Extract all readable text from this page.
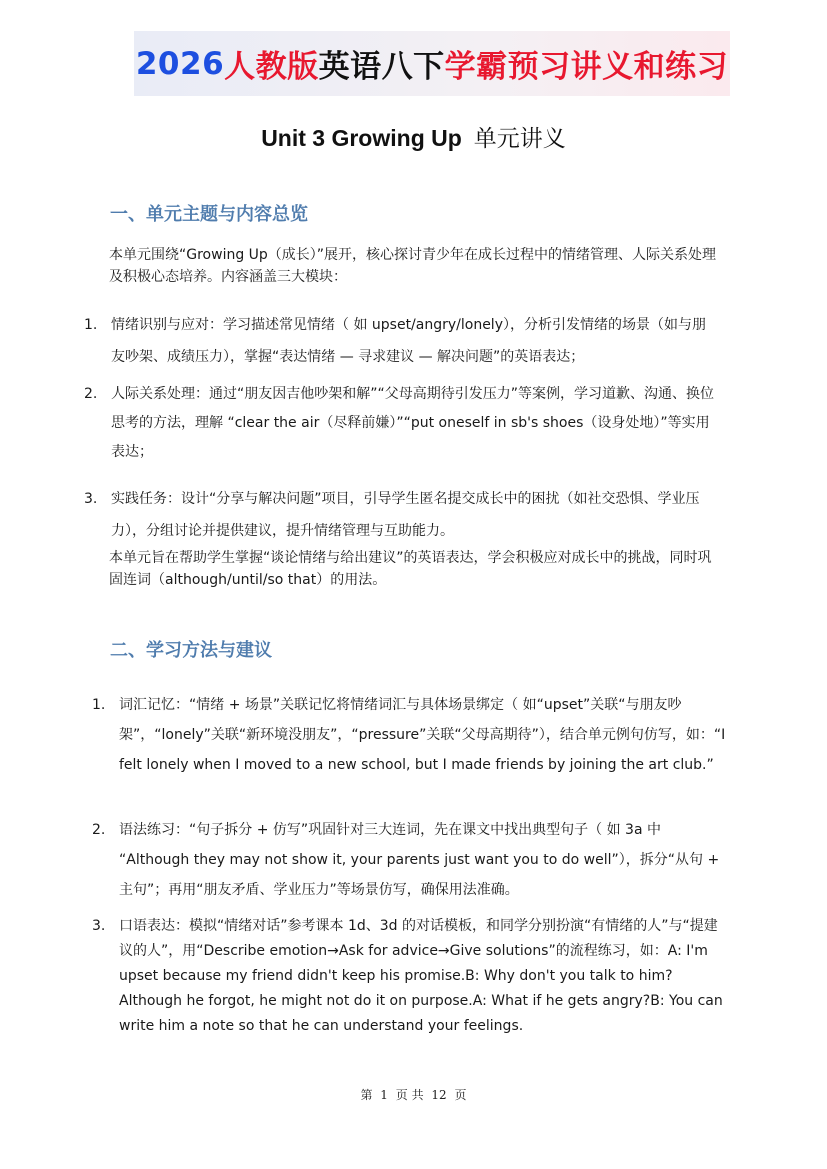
2026 人教版 英语八下 学霸预习讲义和练习
Unit 3 Growing Up 单元讲义
一、单元主题与内容总览
本单元围绕“Growing Up（成长）”展开，核心探讨青少年在成长过程中的情绪管理、人际关系处理及积极心态培养。内容涵盖三大模块：
1. 情绪识别与应对：学习描述常见情绪（ 如 upset/angry/lonely），分析引发情绪的场景（如与朋友吵架、成绩压力），掌握“表达情绪 — 寻求建议 — 解决问题”的英语表达；
2. 人际关系处理：通过“朋友因吉他吵架和解”“父母高期待引发压力”等案例，学习道歉、沟通、换位思考的方法，理解 “clear the air（尽释前嫌）”“put oneself in sb's shoes（设身处地）”等实用表达；
3. 实践任务：设计“分享与解决问题”项目，引导学生匿名提交成长中的困扰（如社交恐惧、学业压力），分组讨论并提供建议，提升情绪管理与互助能力。
本单元旨在帮助学生掌握“谈论情绪与给出建议”的英语表达，学会积极应对成长中的挑战，同时巩固连词（although/until/so that）的用法。
二、学习方法与建议
1. 词汇记忆：“情绪 + 场景”关联记忆将情绪词汇与具体场景绑定（ 如“upset”关联“与朋友吵架”，“lonely”关联“新环境没朋友”，“pressure”关联“父母高期待”），结合单元例句仿写，如：“I felt lonely when I moved to a new school, but I made friends by joining the art club.”
2. 语法练习：“句子拆分 + 仿写”巩固针对三大连词，先在课文中找出典型句子（ 如 3a 中 “Although they may not show it, your parents just want you to do well”），拆分“从句 + 主句”；再用“朋友矛盾、学业压力”等场景仿写，确保用法准确。
3. 口语表达：模拟“情绪对话”参考课本 1d、3d 的对话模板，和同学分别扮演“有情绪的人”与“提建议的人”，用“Describe emotion→Ask for advice→Give solutions”的流程练习，如：A: I'm upset because my friend didn't keep his promise.B: Why don't you talk to him? Although he forgot, he might not do it on purpose.A: What if he gets angry?B: You can write him a note so that he can understand your feelings.
第 1 页 共 12 页
